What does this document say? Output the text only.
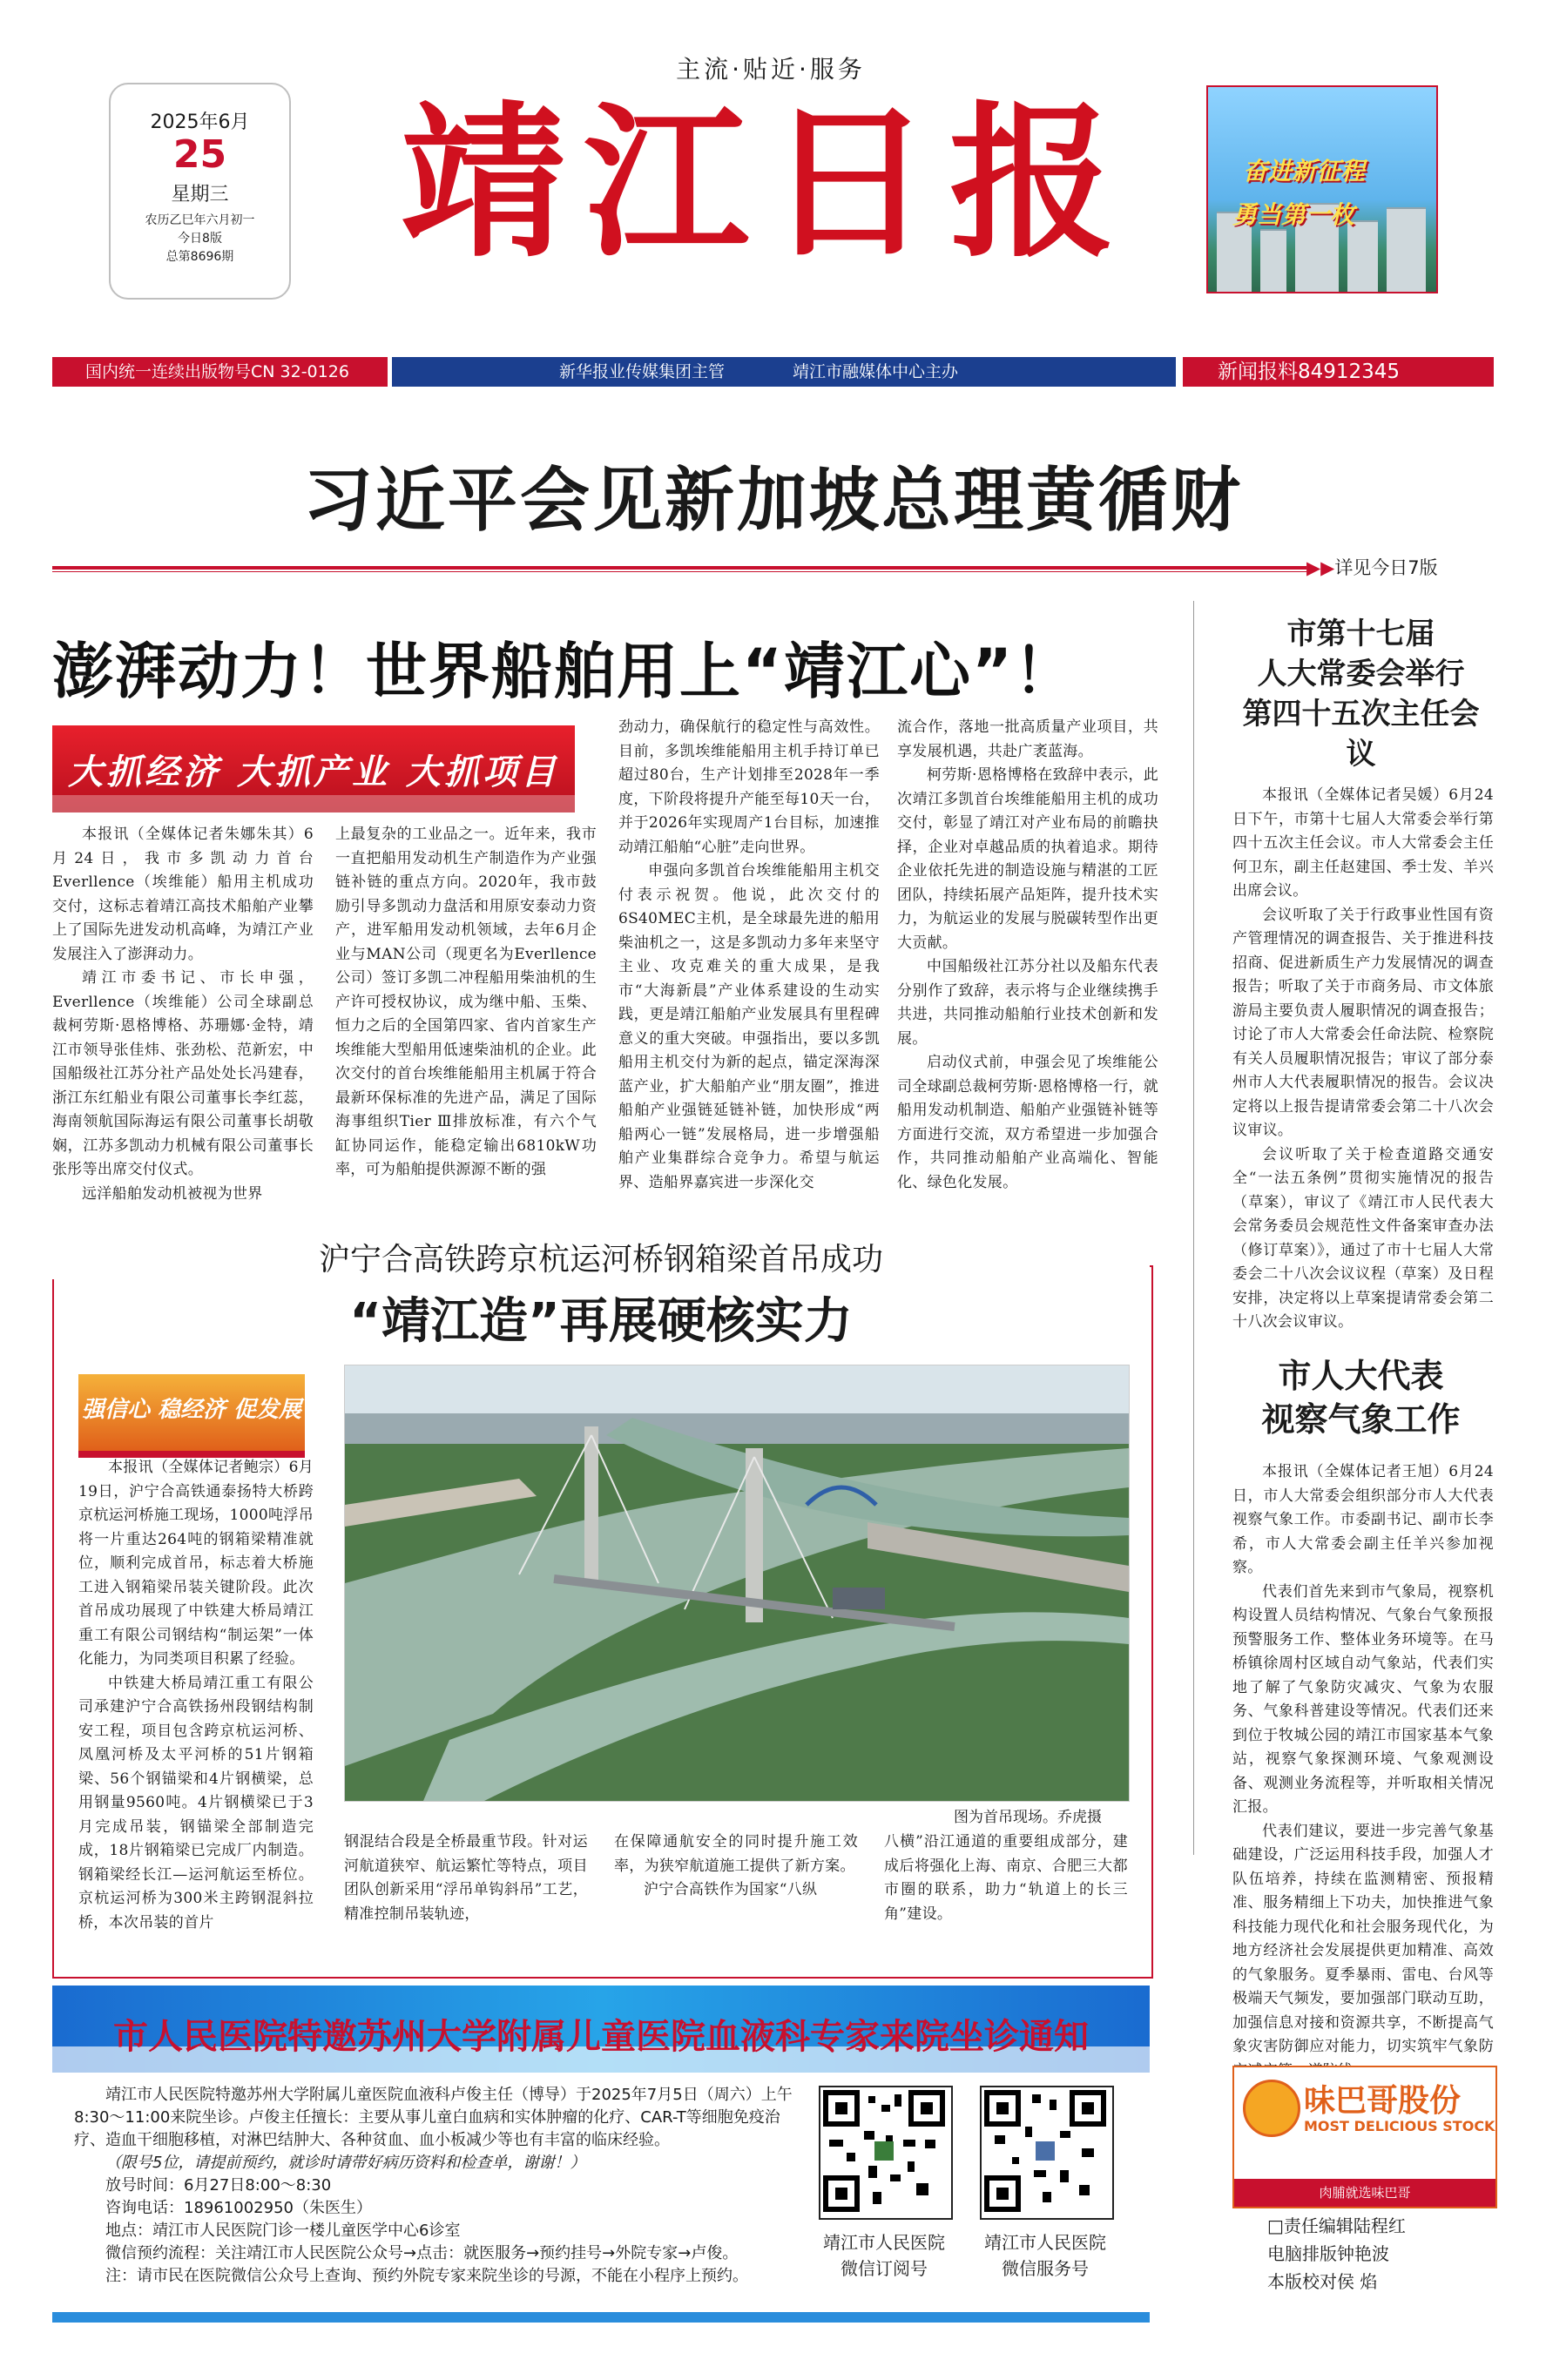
2025年6月
25
星期三
农历乙巳年六月初一
今日8版
总第8696期
主流·贴近·服务
靖江日报	奋进新征程
勇当第一枚
国内统一连续出版物号CN 32-0126	新华报业传媒集团主管	靖江市融媒体中心主办	新闻报料84912345
习近平会见新加坡总理黄循财
▶▶详见今日7版
澎湃动力！世界船舶用上“靖江心”！
大抓经济 大抓产业 大抓项目

本报讯（全媒体记者朱娜朱其）6月24日，我市多凯动力首台Everllence（埃维能）船用主机成功交付，这标志着靖江高技术船舶产业攀上了国际先进发动机高峰，为靖江产业发展注入了澎湃动力。

靖江市委书记、市长申强，Everllence（埃维能）公司全球副总裁柯劳斯·恩格博格、苏珊娜·金特，靖江市领导张佳炜、张劲松、范新宏，中国船级社江苏分社产品处处长冯建春，浙江东红船业有限公司董事长李红蕊，海南领航国际海运有限公司董事长胡敬娴，江苏多凯动力机械有限公司董事长张彤等出席交付仪式。

远洋船舶发动机被视为世界

上最复杂的工业品之一。近年来，我市一直把船用发动机生产制造作为产业强链补链的重点方向。2020年，我市鼓励引导多凯动力盘活和用原安泰动力资产，进军船用发动机领域，去年6月企业与MAN公司（现更名为Everllence公司）签订多凯二冲程船用柴油机的生产许可授权协议，成为继中船、玉柴、恒力之后的全国第四家、省内首家生产埃维能大型船用低速柴油机的企业。此次交付的首台埃维能船用主机属于符合最新环保标准的先进产品，满足了国际海事组织Tier Ⅲ排放标准，有六个气缸协同运作，能稳定输出6810kW功率，可为船舶提供源源不断的强

劲动力，确保航行的稳定性与高效性。目前，多凯埃维能船用主机手持订单已超过80台，生产计划排至2028年一季度，下阶段将提升产能至每10天一台，并于2026年实现周产1台目标，加速推动靖江船舶“心脏”走向世界。

申强向多凯首台埃维能船用主机交付表示祝贺。他说，此次交付的6S40MEC主机，是全球最先进的船用柴油机之一，这是多凯动力多年来坚守主业、攻克难关的重大成果，是我市“大海新晨”产业体系建设的生动实践，更是靖江船舶产业发展具有里程碑意义的重大突破。申强指出，要以多凯船用主机交付为新的起点，锚定深海深蓝产业，扩大船舶产业“朋友圈”，推进船舶产业强链延链补链，加快形成“两船两心一链”发展格局，进一步增强船舶产业集群综合竞争力。希望与航运界、造船界嘉宾进一步深化交

流合作，落地一批高质量产业项目，共享发展机遇，共赴广袤蓝海。

柯劳斯·恩格博格在致辞中表示，此次靖江多凯首台埃维能船用主机的成功交付，彰显了靖江对产业布局的前瞻抉择，企业对卓越品质的执着追求。期待企业依托先进的制造设施与精湛的工匠团队，持续拓展产品矩阵，提升技术实力，为航运业的发展与脱碳转型作出更大贡献。

中国船级社江苏分社以及船东代表分别作了致辞，表示将与企业继续携手共进，共同推动船舶行业技术创新和发展。

启动仪式前，申强会见了埃维能公司全球副总裁柯劳斯·恩格博格一行，就船用发动机制造、船舶产业强链补链等方面进行交流，双方希望进一步加强合作，共同推动船舶产业高端化、智能化、绿色化发展。

市第十七届
人大常委会举行
第四十五次主任会议

本报讯（全媒体记者吴媛）6月24日下午，市第十七届人大常委会举行第四十五次主任会议。市人大常委会主任何卫东，副主任赵建国、季士发、羊兴出席会议。

会议听取了关于行政事业性国有资产管理情况的调查报告、关于推进科技招商、促进新质生产力发展情况的调查报告；听取了关于市商务局、市文体旅游局主要负责人履职情况的调查报告；讨论了市人大常委会任命法院、检察院有关人员履职情况报告；审议了部分泰州市人大代表履职情况的报告。会议决定将以上报告提请常委会第二十八次会议审议。

会议听取了关于检查道路交通安全“一法五条例”贯彻实施情况的报告（草案），审议了《靖江市人民代表大会常务委员会规范性文件备案审查办法（修订草案）》，通过了市十七届人大常委会二十八次会议议程（草案）及日程安排，决定将以上草案提请常委会第二十八次会议审议。

市人大代表
视察气象工作

本报讯（全媒体记者王旭）6月24日，市人大常委会组织部分市人大代表视察气象工作。市委副书记、副市长李希，市人大常委会副主任羊兴参加视察。

代表们首先来到市气象局，视察机构设置人员结构情况、气象台气象预报预警服务工作、整体业务环境等。在马桥镇徐周村区域自动气象站，代表们实地了解了气象防灾减灾、气象为农服务、气象科普建设等情况。代表们还来到位于牧城公园的靖江市国家基本气象站，视察气象探测环境、气象观测设备、观测业务流程等，并听取相关情况汇报。

代表们建议，要进一步完善气象基础建设，广泛运用科技手段，加强人才队伍培养，持续在监测精密、预报精准、服务精细上下功夫，加快推进气象科技能力现代化和社会服务现代化，为地方经济社会发展提供更加精准、高效的气象服务。夏季暴雨、雷电、台风等极端天气频发，要加强部门联动互助，加强信息对接和资源共享，不断提高气象灾害防御应对能力，切实筑牢气象防

沪宁合高铁跨京杭运河桥钢箱梁首吊成功
“靖江造”再展硬核实力
强信心 稳经济 促发展

本报讯（全媒体记者鲍宗）6月19日，沪宁合高铁通泰扬特大桥跨京杭运河桥施工现场，1000吨浮吊将一片重达264吨的钢箱梁精准就位，顺利完成首吊，标志着大桥施工进入钢箱梁吊装关键阶段。此次首吊成功展现了中铁建大桥局靖江重工有限公司钢结构“制运架”一体化能力，为同类项目积累了经验。

中铁建大桥局靖江重工有限公司承建沪宁合高铁扬州段钢结构制安工程，项目包含跨京杭运河桥、凤凰河桥及太平河桥的51片钢箱梁、56个钢锚梁和4片钢横梁，总用钢量9560吨。4片钢横梁已于3月完成吊装，钢锚梁全部制造完成，18片钢箱梁已完成厂内制造。钢箱梁经长江—运河航运至桥位。京杭运河桥为300米主跨钢混斜拉桥，本次吊装的首片

图为首吊现场。乔虎摄

钢混结合段是全桥最重节段。针对运河航道狭窄、航运繁忙等特点，项目团队创新采用“浮吊单钩斜吊”工艺，精准控制吊装轨迹，

在保障通航安全的同时提升施工效率，为狭窄航道施工提供了新方案。

沪宁合高铁作为国家“八纵

八横”沿江通道的重要组成部分，建成后将强化上海、南京、合肥三大都市圈的联系，助力“轨道上的长三角”建设。

市人民医院特邀苏州大学附属儿童医院血液科专家来院坐诊通知

靖江市人民医院特邀苏州大学附属儿童医院血液科卢俊主任（博导）于2025年7月5日（周六）上午8:30～11:00来院坐诊。卢俊主任擅长：主要从事儿童白血病和实体肿瘤的化疗、CAR-T等细胞免疫治疗、造血干细胞移植，对淋巴结肿大、各种贫血、血小板减少等也有丰富的临床经验。

（限号5位，请提前预约，就诊时请带好病历资料和检查单，谢谢！）

放号时间：6月27日8:00～8:30

咨询电话：18961002950（朱医生）

地点：靖江市人民医院门诊一楼儿童医学中心6诊室

微信预约流程：关注靖江市人民医院公众号→点击：就医服务→预约挂号→外院专家→卢俊。

注：请市民在医院微信公众号上查询、预约外院专家来院坐诊的号源，不能在小程序上预约。

靖江市人民医院
微信订阅号
靖江市人民医院
微信服务号
味巴哥股份
MOST DELICIOUS STOCK
肉脯就选味巴哥
□责任编辑陆程红
电脑排版钟艳波
本版校对侯 焰
